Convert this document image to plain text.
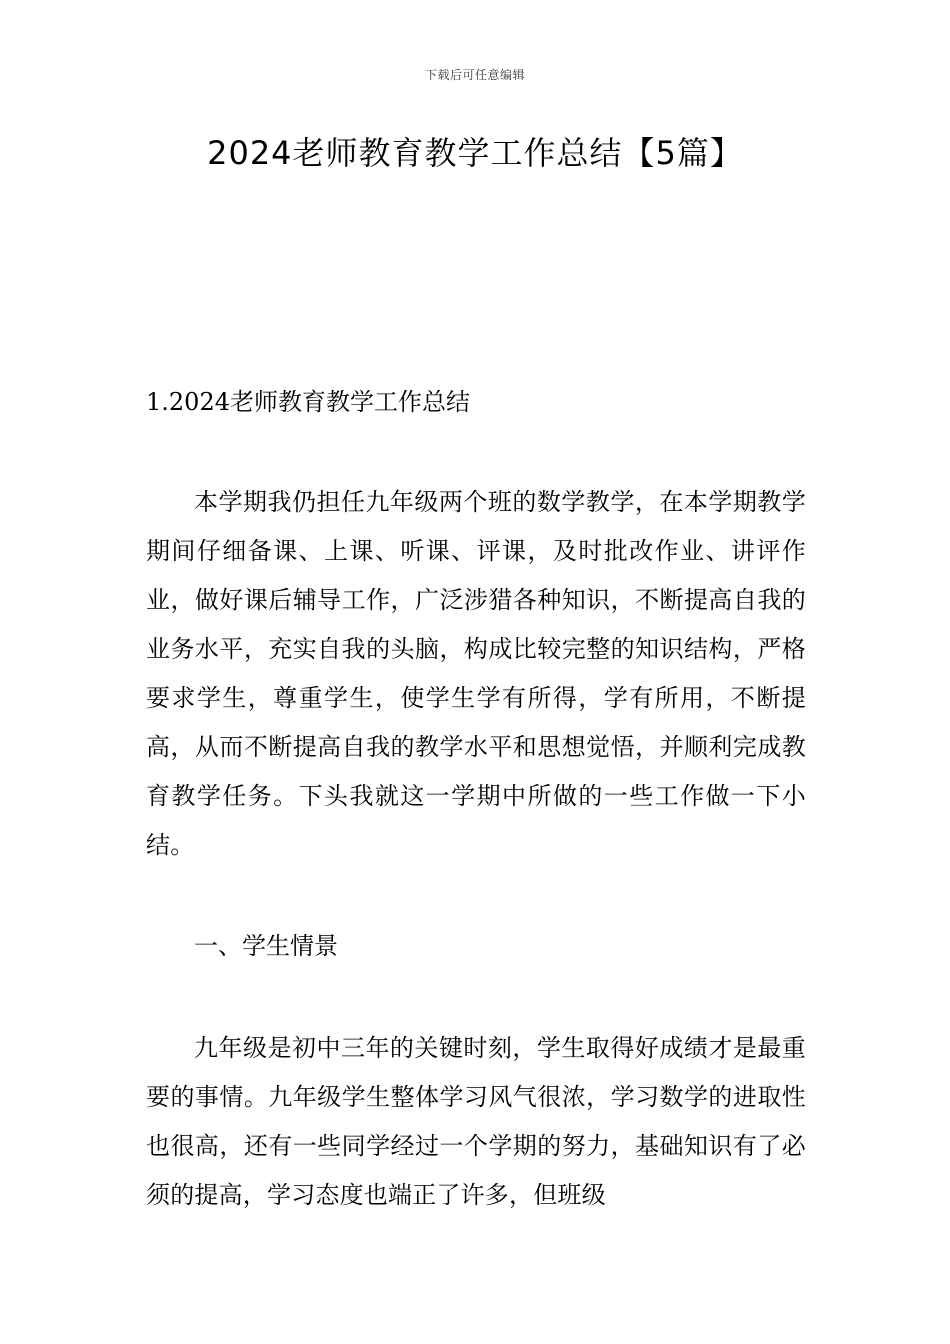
下载后可任意编辑
2024老师教育教学工作总结【5篇】
1.2024老师教育教学工作总结

本学期我仍担任九年级两个班的数学教学，在本学期教学期间仔细备课、上课、听课、评课，及时批改作业、讲评作业，做好课后辅导工作，广泛涉猎各种知识，不断提高自我的业务水平，充实自我的头脑，构成比较完整的知识结构，严格要求学生，尊重学生，使学生学有所得，学有所用，不断提高，从而不断提高自我的教学水平和思想觉悟，并顺利完成教育教学任务。下头我就这一学期中所做的一些工作做一下小结。

一、学生情景

九年级是初中三年的关键时刻，学生取得好成绩才是最重要的事情。九年级学生整体学习风气很浓，学习数学的进取性也很高，还有一些同学经过一个学期的努力，基础知识有了必须的提高，学习态度也端正了许多，但班级
